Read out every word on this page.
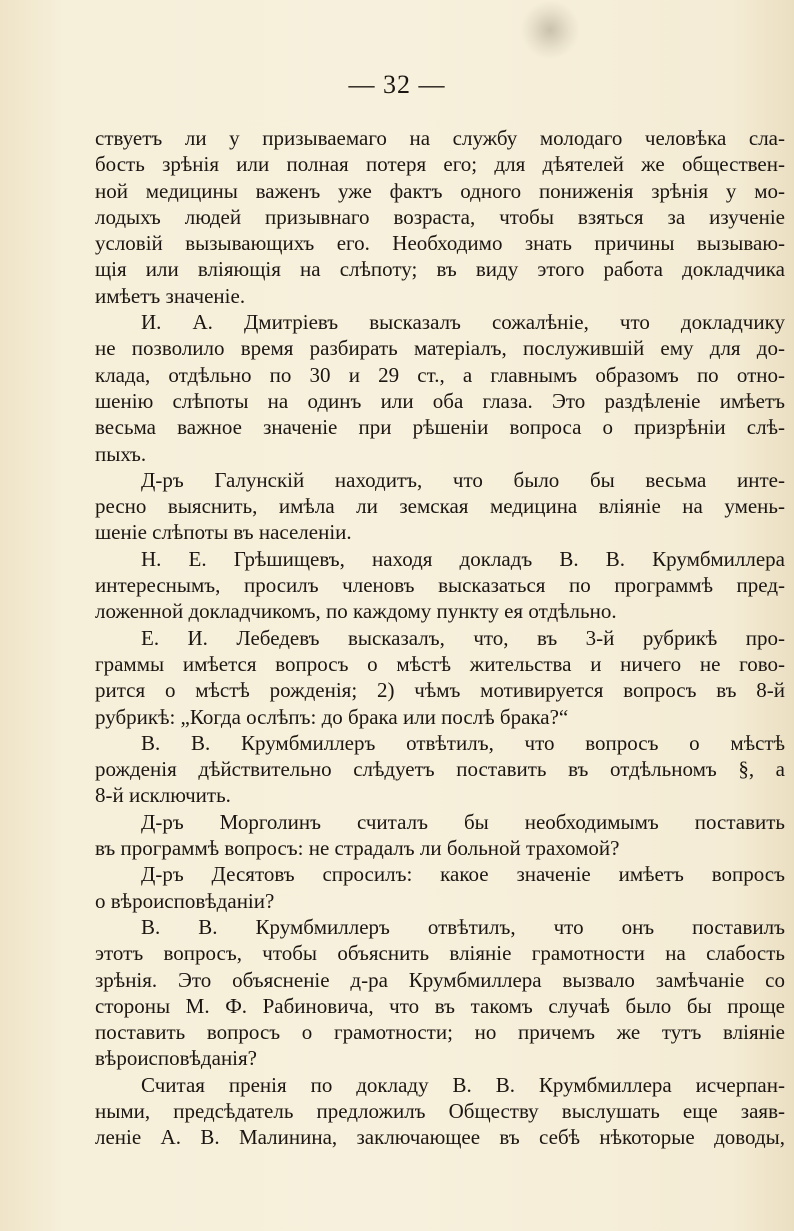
— 32 —
ствуетъ ли у призываемаго на службу молодаго человѣка сла-
бость зрѣнія или полная потеря его; для дѣятелей же обществен-
ной медицины важенъ уже фактъ одного пониженія зрѣнія у мо-
лодыхъ людей призывнаго возраста, чтобы взяться за изученіе
условій вызывающихъ его. Необходимо знать причины вызываю-
щія или вліяющія на слѣпоту; въ виду этого работа докладчика
имѣетъ значеніе.
И. А. Дмитріевъ высказалъ сожалѣніе, что докладчику
не позволило время разбирать матеріалъ, послужившій ему для до-
клада, отдѣльно по 30 и 29 ст., а главнымъ образомъ по отно-
шенію слѣпоты на одинъ или оба глаза. Это раздѣленіе имѣетъ
весьма важное значеніе при рѣшеніи вопроса о призрѣніи слѣ-
пыхъ.
Д-ръ Галунскій находитъ, что было бы весьма инте-
ресно выяснить, имѣла ли земская медицина вліяніе на умень-
шеніе слѣпоты въ населеніи.
Н. Е. Грѣшищевъ, находя докладъ В. В. Крумбмиллера
интереснымъ, просилъ членовъ высказаться по программѣ пред-
ложенной докладчикомъ, по каждому пункту ея отдѣльно.
Е. И. Лебедевъ высказалъ, что, въ 3-й рубрикѣ про-
граммы имѣется вопросъ о мѣстѣ жительства и ничего не гово-
рится о мѣстѣ рожденія; 2) чѣмъ мотивируется вопросъ въ 8-й
рубрикѣ: „Когда ослѣпъ: до брака или послѣ брака?“
В. В. Крумбмиллеръ отвѣтилъ, что вопросъ о мѣстѣ
рожденія дѣйствительно слѣдуетъ поставить въ отдѣльномъ §, а
8-й исключить.
Д-ръ Морголинъ считалъ бы необходимымъ поставить
въ программѣ вопросъ: не страдалъ ли больной трахомой?
Д-ръ Десятовъ спросилъ: какое значеніе имѣетъ вопросъ
о вѣроисповѣданіи?
В. В. Крумбмиллеръ отвѣтилъ, что онъ поставилъ
этотъ вопросъ, чтобы объяснить вліяніе грамотности на слабость
зрѣнія. Это объясненіе д-ра Крумбмиллера вызвало замѣчаніе со
стороны М. Ф. Рабиновича, что въ такомъ случаѣ было бы проще
поставить вопросъ о грамотности; но причемъ же тутъ вліяніе
вѣроисповѣданія?
Считая пренія по докладу В. В. Крумбмиллера исчерпан-
ными, предсѣдатель предложилъ Обществу выслушать еще заяв-
леніе А. В. Малинина, заключающее въ себѣ нѣкоторые доводы,
